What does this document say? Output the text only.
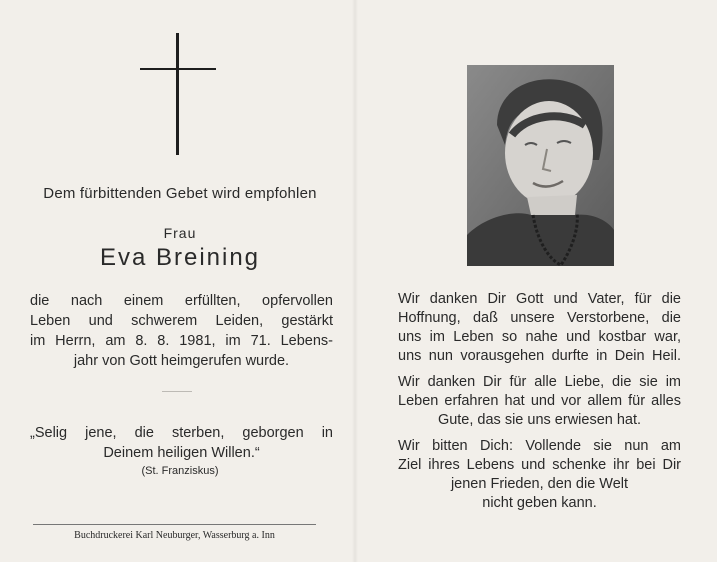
Dem fürbittenden Gebet wird empfohlen
Frau
Eva Breining
die nach einem erfüllten, opfervollen
Leben und schwerem Leiden, gestärkt
im Herrn, am 8. 8. 1981, im 71. Lebens-
jahr von Gott heimgerufen wurde.
„Selig jene, die sterben, geborgen in
Deinem heiligen Willen.“
(St. Franziskus)
Buchdruckerei Karl Neuburger, Wasserburg a. Inn
Wir danken Dir Gott und Vater, für die
Hoffnung, daß unsere Verstorbene, die
uns im Leben so nahe und kostbar war,
uns nun vorausgehen durfte in Dein Heil.
Wir danken Dir für alle Liebe, die sie im
Leben erfahren hat und vor allem für alles
Gute, das sie uns erwiesen hat.
Wir bitten Dich: Vollende sie nun am
Ziel ihres Lebens und schenke ihr bei Dir
jenen Frieden, den die Welt
nicht geben kann.
